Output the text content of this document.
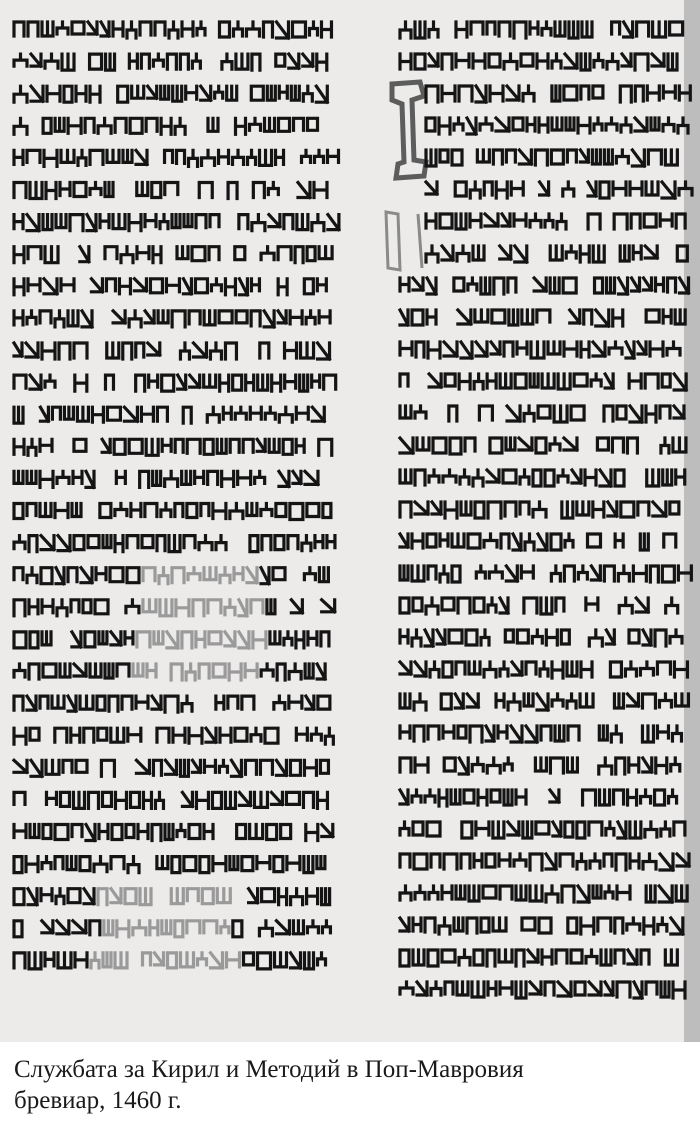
Службата за Кирил и Методий в Поп-Мавровия
бревиар, 1460 г.
